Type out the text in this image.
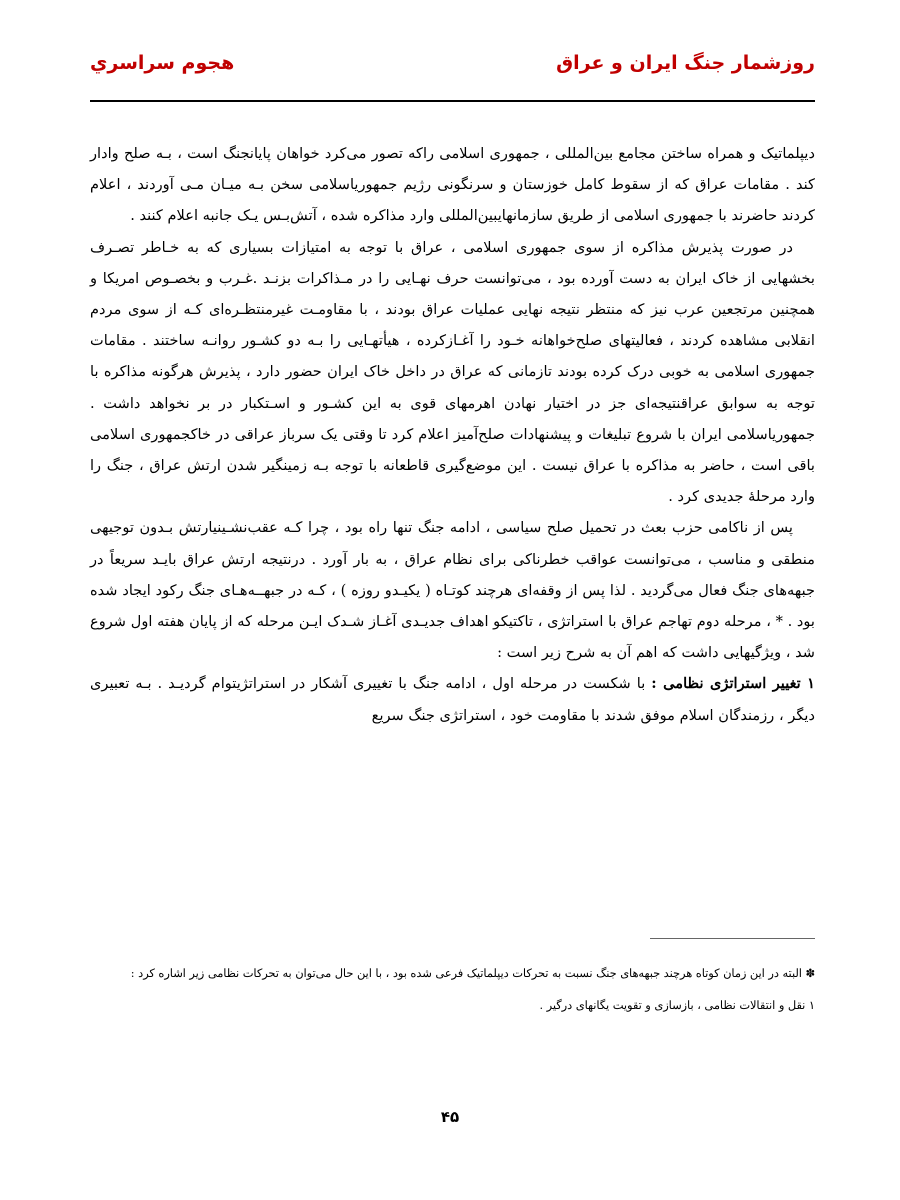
روزشمار جنگ ایران و عراق
هجوم سراسري

دیپلماتیک و همراه ساختن مجامع بین‌المللی ، جمهوری اسلامی راکه تصور می‌کرد خواهان پایانجنگ است ، بـه صلح وادار کند . مقامات عراق که از سقوط کامل خوزستان و سرنگونی رژیم جمهوریاسلامی سخن بـه میـان مـی آوردند ، اعلام کردند حاضرند با جمهوری اسلامی از طریق سازمانهایبین‌المللی وارد مذاکره شده ، آتش‌بـس یـک جانبه اعلام کنند .

در صورت پذیرش مذاکره از سوی جمهوری اسلامی ، عراق با توجه به امتیازات بسیاری که به خـاطر تصـرف بخشهایی از خاک ایران به دست آورده بود ، می‌توانست حرف نهـایی را در مـذاکرات بزنـد .غـرب و بخصـوص امریکا و همچنین مرتجعین عرب نیز که منتظر نتیجه نهایی عملیات عراق بودند ، با مقاومـت غیرمنتظـره‌ای کـه از سوی مردم انقلابی مشاهده کردند ، فعالیتهای صلح‌خواهانه خـود را آغـازکرده ، هیأتهـایی را بـه دو کشـور روانـه ساختند . مقامات جمهوری اسلامی به خوبی درک کرده بودند تازمانی که عراق در داخل خاک ایران حضور دارد ، پذیرش هرگونه مذاکره با توجه به سوابق عراقنتیجه‌ای جز در اختیار نهادن اهرمهای قوی به این کشـور و اسـتکبار در بر نخواهد داشت . جمهوریاسلامی ایران با شروع تبلیغات و پیشنهادات صلح‌آمیز اعلام کرد تا وقتی یک سرباز عراقی در خاکجمهوری اسلامی باقی است ، حاضر به مذاکره با عراق نیست . این موضع‌گیری قاطعانه با توجه بـه زمینگیر شدن ارتش عراق ، جنگ را وارد مرحلهٔ جدیدی کرد .

پس از ناکامی حزب بعث در تحمیل صلح سیاسی ، ادامه جنگ تنها راه بود ، چرا کـه عقب‌نشـینیارتش بـدون توجیهی منطقی و مناسب ، می‌توانست عواقب خطرناکی برای نظام عراق ، به بار آورد . درنتیجه ارتش عراق بایـد سریعاً در جبهه‌های جنگ فعال می‌گردید . لذا پس از وقفه‌ای هرچند کوتـاه ( یکیـدو روزه ) ، کـه در جبهــه‌هـای جنگ رکود ایجاد شده بود . * ، مرحله دوم تهاجم عراق با استراتژی ، تاکتیکو اهداف جدیـدی آغـاز شـدک ایـن مرحله که از پایان هفته اول شروع شد ، ویژگیهایی داشت که اهم آن به شرح زیر است :

۱ تغییر استراتژی نظامی : با شکست در مرحله اول ، ادامه جنگ با تغییری آشکار در استراتژیتوام گردیـد . بـه تعبیری دیگر ، رزمندگان اسلام موفق شدند با مقاومت خود ، استراتژی جنگ سریع

✽ البته در این زمان کوتاه هرچند جبهه‌های جنگ نسبت به تحرکات دیپلماتیک فرعی شده بود ، با این حال می‌توان به تحرکات نظامی زیر اشاره کرد :

۱ نقل و انتقالات نظامی ، بازسازی و تقویت یگانهای درگیر .

۴۵
